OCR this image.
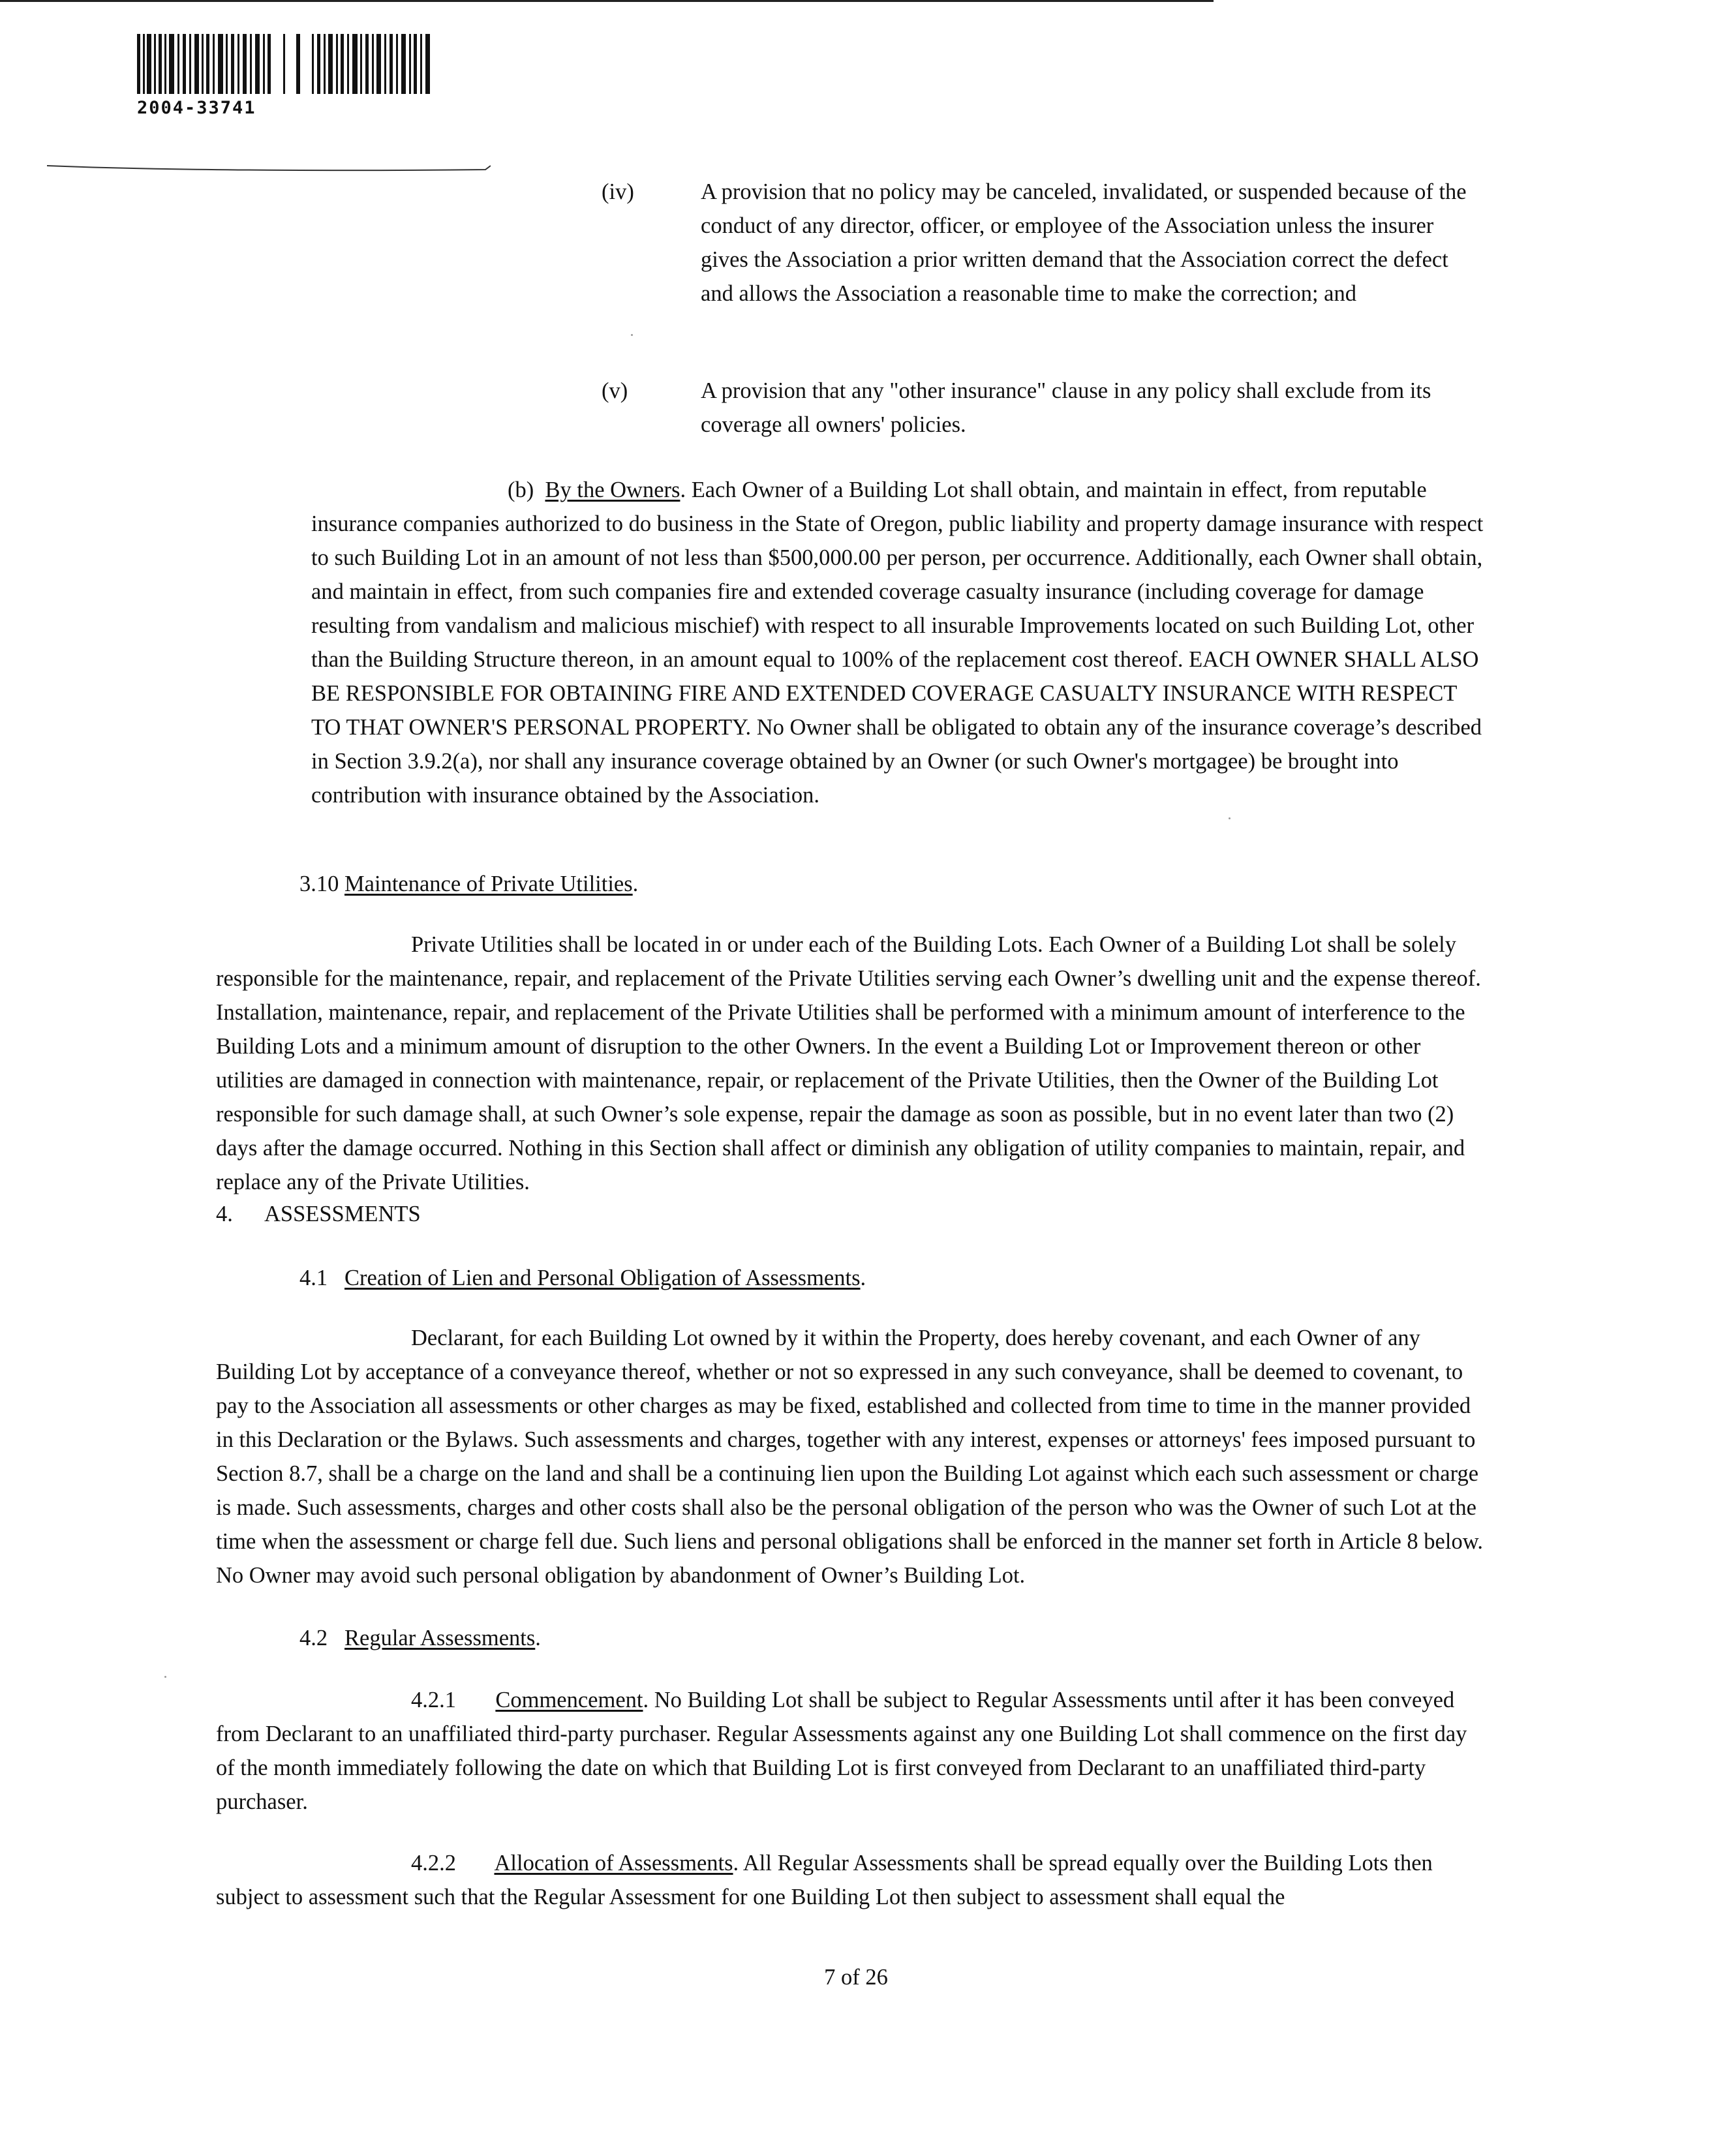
2004-33741
(iv)	A provision that no policy may be canceled, invalidated, or suspended because of the conduct of any director, officer, or employee of the Association unless the insurer gives the Association a prior written demand that the Association correct the defect and allows the Association a reasonable time to make the correction; and

(v)	A provision that any "other insurance" clause in any policy shall exclude from its coverage all owners' policies.

(b) By the Owners. Each Owner of a Building Lot shall obtain, and maintain in effect, from reputable insurance companies authorized to do business in the State of Oregon, public liability and property damage insurance with respect to such Building Lot in an amount of not less than $500,000.00 per person, per occurrence. Additionally, each Owner shall obtain, and maintain in effect, from such companies fire and extended coverage casualty insurance (including coverage for damage resulting from vandalism and malicious mischief) with respect to all insurable Improvements located on such Building Lot, other than the Building Structure thereon, in an amount equal to 100% of the replacement cost thereof. EACH OWNER SHALL ALSO BE RESPONSIBLE FOR OBTAINING FIRE AND EXTENDED COVERAGE CASUALTY INSURANCE WITH RESPECT TO THAT OWNER'S PERSONAL PROPERTY. No Owner shall be obligated to obtain any of the insurance coverage’s described in Section 3.9.2(a), nor shall any insurance coverage obtained by an Owner (or such Owner's mortgagee) be brought into contribution with insurance obtained by the Association.

3.10 Maintenance of Private Utilities.

Private Utilities shall be located in or under each of the Building Lots. Each Owner of a Building Lot shall be solely responsible for the maintenance, repair, and replacement of the Private Utilities serving each Owner’s dwelling unit and the expense thereof. Installation, maintenance, repair, and replacement of the Private Utilities shall be performed with a minimum amount of interference to the Building Lots and a minimum amount of disruption to the other Owners. In the event a Building Lot or Improvement thereon or other utilities are damaged in connection with maintenance, repair, or replacement of the Private Utilities, then the Owner of the Building Lot responsible for such damage shall, at such Owner’s sole expense, repair the damage as soon as possible, but in no event later than two (2) days after the damage occurred. Nothing in this Section shall affect or diminish any obligation of utility companies to maintain, repair, and replace any of the Private Utilities.

4. ASSESSMENTS

4.1 Creation of Lien and Personal Obligation of Assessments.

Declarant, for each Building Lot owned by it within the Property, does hereby covenant, and each Owner of any Building Lot by acceptance of a conveyance thereof, whether or not so expressed in any such conveyance, shall be deemed to covenant, to pay to the Association all assessments or other charges as may be fixed, established and collected from time to time in the manner provided in this Declaration or the Bylaws. Such assessments and charges, together with any interest, expenses or attorneys' fees imposed pursuant to Section 8.7, shall be a charge on the land and shall be a continuing lien upon the Building Lot against which each such assessment or charge is made. Such assessments, charges and other costs shall also be the personal obligation of the person who was the Owner of such Lot at the time when the assessment or charge fell due. Such liens and personal obligations shall be enforced in the manner set forth in Article 8 below. No Owner may avoid such personal obligation by abandonment of Owner’s Building Lot.

4.2 Regular Assessments.

4.2.1 Commencement. No Building Lot shall be subject to Regular Assessments until after it has been conveyed from Declarant to an unaffiliated third-party purchaser. Regular Assessments against any one Building Lot shall commence on the first day of the month immediately following the date on which that Building Lot is first conveyed from Declarant to an unaffiliated third-party purchaser.

4.2.2 Allocation of Assessments. All Regular Assessments shall be spread equally over the Building Lots then subject to assessment such that the Regular Assessment for one Building Lot then subject to assessment shall equal the

7 of 26
